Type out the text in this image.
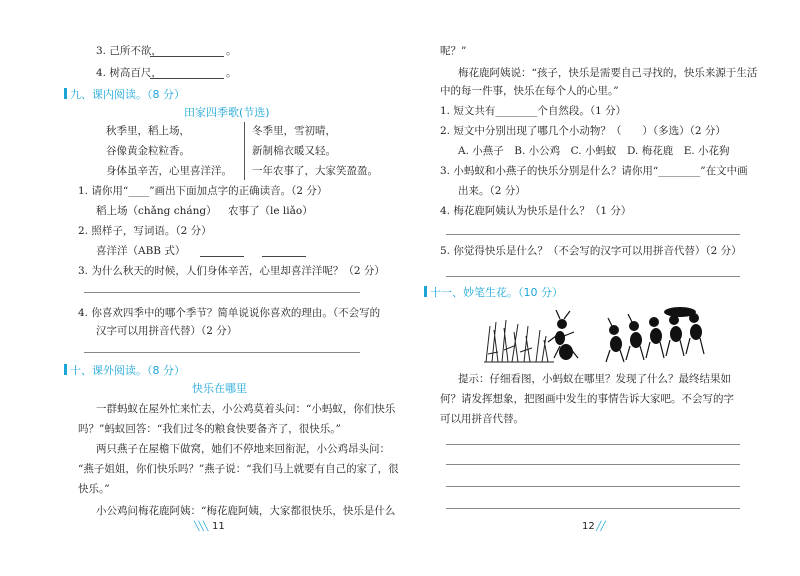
3. 己所不欲，	。
4. 树高百尺，	。
九、课内阅读。（8 分）
田家四季歌(节选)
秋季里，稻上场，
谷像黄金粒粒香。
身体虽辛苦，心里喜洋洋。
冬季里，雪初晴，
新制棉衣暖又轻。
一年农事了，大家笑盈盈。
1. 请你用“____”画出下面加点字的正确读音。（2 分）
稻上场（chǎng cháng） 农事了（le liǎo）
2. 照样子，写词语。（2 分）
喜洋洋（ABB 式）
3. 为什么秋天的时候，人们身体辛苦，心里却喜洋洋呢？（2 分）
4. 你喜欢四季中的哪个季节？简单说说你喜欢的理由。（不会写的
汉字可以用拼音代替）（2 分）
十、课外阅读。（8 分）
快乐在哪里
一群蚂蚁在屋外忙来忙去，小公鸡莫着头问：“小蚂蚁，你们快乐
吗？”蚂蚁回答：“我们过冬的粮食快要备齐了，很快乐。”
两只燕子在屋檐下做窝，她们不停地来回衔泥，小公鸡昂头问：
“燕子姐姐，你们快乐吗？”燕子说：“我们马上就要有自己的家了，很
快乐。”
小公鸡问梅花鹿阿姨：“梅花鹿阿姨，大家都很快乐，快乐是什么
╲╲╲ 11
呢？”
梅花鹿阿姨说：“孩子，快乐是需要自己寻找的，快乐来源于生活
中的每一件事，快乐在每个人的心里。”
1. 短文共有________个自然段。（1 分）
2. 短文中分别出现了哪几个小动物？（　　）（多选）（2 分）
A. 小燕子　B. 小公鸡　C. 小蚂蚁　D. 梅花鹿　E. 小花狗
3. 小蚂蚁和小燕子的快乐分别是什么？请你用“________”在文中画
出来。（2 分）
4. 梅花鹿阿姨认为快乐是什么？（1 分）
5. 你觉得快乐是什么？（不会写的汉字可以用拼音代替）（2 分）
十一、妙笔生花。（10 分）
提示：仔细看图，小蚂蚁在哪里？发现了什么？最终结果如
何？请发挥想象，把图画中发生的事情告诉大家吧。不会写的字
可以用拼音代替。
12 ╱╱
